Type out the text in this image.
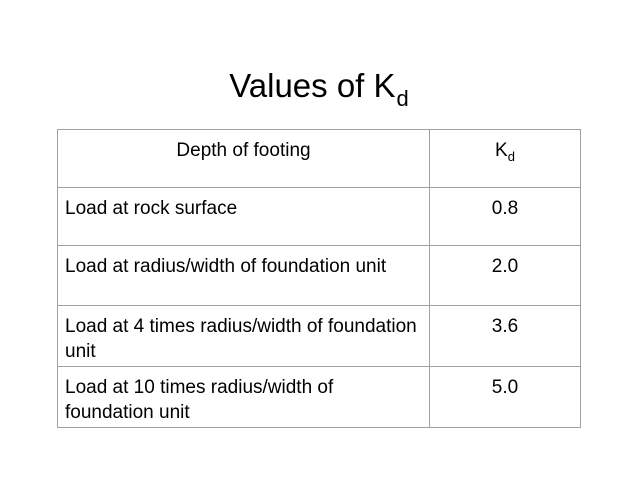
Values of $K_d$
Depth of footing	$K_d$
Load at rock surface	0.8
Load at radius/width of foundation unit	2.0
Load at 4 times radius/width of foundation unit	3.6
Load at 10 times radius/width of foundation unit	5.0
